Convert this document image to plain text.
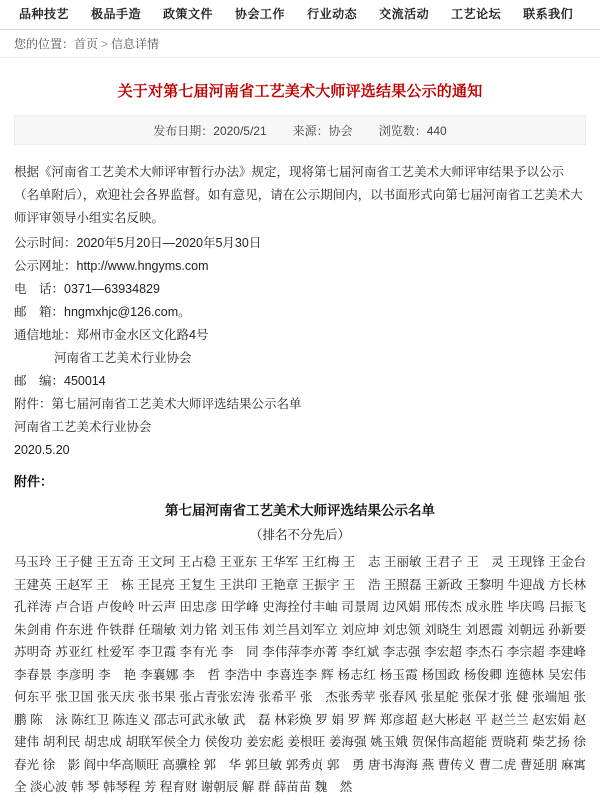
品种技艺	极品手造	政策文件	协会工作	行业动态	交流活动	工艺论坛	联系我们
您的位置： 首页 > 信息详情
关于对第七届河南省工艺美术大师评选结果公示的通知
发布日期：2020/5/21 来源：协会 浏览数：440

根据《河南省工艺美术大师评审暂行办法》规定，现将第七届河南省工艺美术大师评审结果予以公示（名单附后），欢迎社会各界监督。如有意见，请在公示期间内，以书面形式向第七届河南省工艺美术大师评审领导小组实名反映。

公示时间：2020年5月20日—2020年5月30日

公示网址：http://www.hngyms.com

电　话：0371—63934829

邮　箱：hngmxhjc@126.com。

通信地址：郑州市金水区文化路4号

河南省工艺美术行业协会

邮　编：450014

附件：第七届河南省工艺美术大师评选结果公示名单

河南省工艺美术行业协会

2020.5.20

附件：
第七届河南省工艺美术大师评选结果公示名单
（排名不分先后）
马玉玲 王子健 王五奇 王文珂 王占稳 王亚东 王华军 王红梅 王　志 王丽敏 王君子 王　灵 王现锋 王金台 王建英 王赵军 王　栋 王昆亮 王复生 王洪印 王艳章 王振宇 王　浩 王照磊 王新政 王黎明 牛迎战 方长林 孔祥涛 卢合语 卢俊岭 叶云声 田忠彦 田学峰 史海拴付丰岫 司景周 边风娟 邢传杰 成永胜 毕庆鸣 吕振飞朱剑甫 仵东进 仵铁群 任瑞敏 刘力铭 刘玉伟 刘兰昌刘军立 刘应坤 刘忠领 刘晓生 刘恩霞 刘朝远 孙新要苏明奇 苏亚红 杜爱军 李卫霞 李有光 李　同 李伟萍李亦菁 李红斌 李志强 李宏超 李杰石 李宗超 李建峰李春景 李彦明 李　艳 李襄娜 李　哲 李浩中 李喜连李 辉 杨志红 杨玉霞 杨国政 杨俊卿 连德林 吴宏伟 何东平 张卫国 张天庆 张书果 张占青张宏涛 张希平 张　杰张秀苹 张春风 张星舵 张保才张 健 张端旭 张　鹏 陈　泳 陈红卫 陈连义 邵志可武永敏 武　磊 林彩焕 罗 娟 罗 辉 郑彦超 赵大彬赵 平 赵兰兰 赵宏娟 赵建伟 胡利民 胡忠成 胡联军侯全力 侯俊功 姜宏彪 姜根旺 姜海强 姚玉娥 贺保伟高超能 贾晓莉 柴艺扬 徐春光 徐　影 阎中华高顺旺 高骥栓 郭　华 郭旦敏 郭秀贞 郭　勇 唐书海海 燕 曹传义 曹二虎 曹延朋 麻寓全 淡心波 韩 琴 韩琴程 芳 程育财 谢朝辰 解 群 薛苗苗 魏　然
